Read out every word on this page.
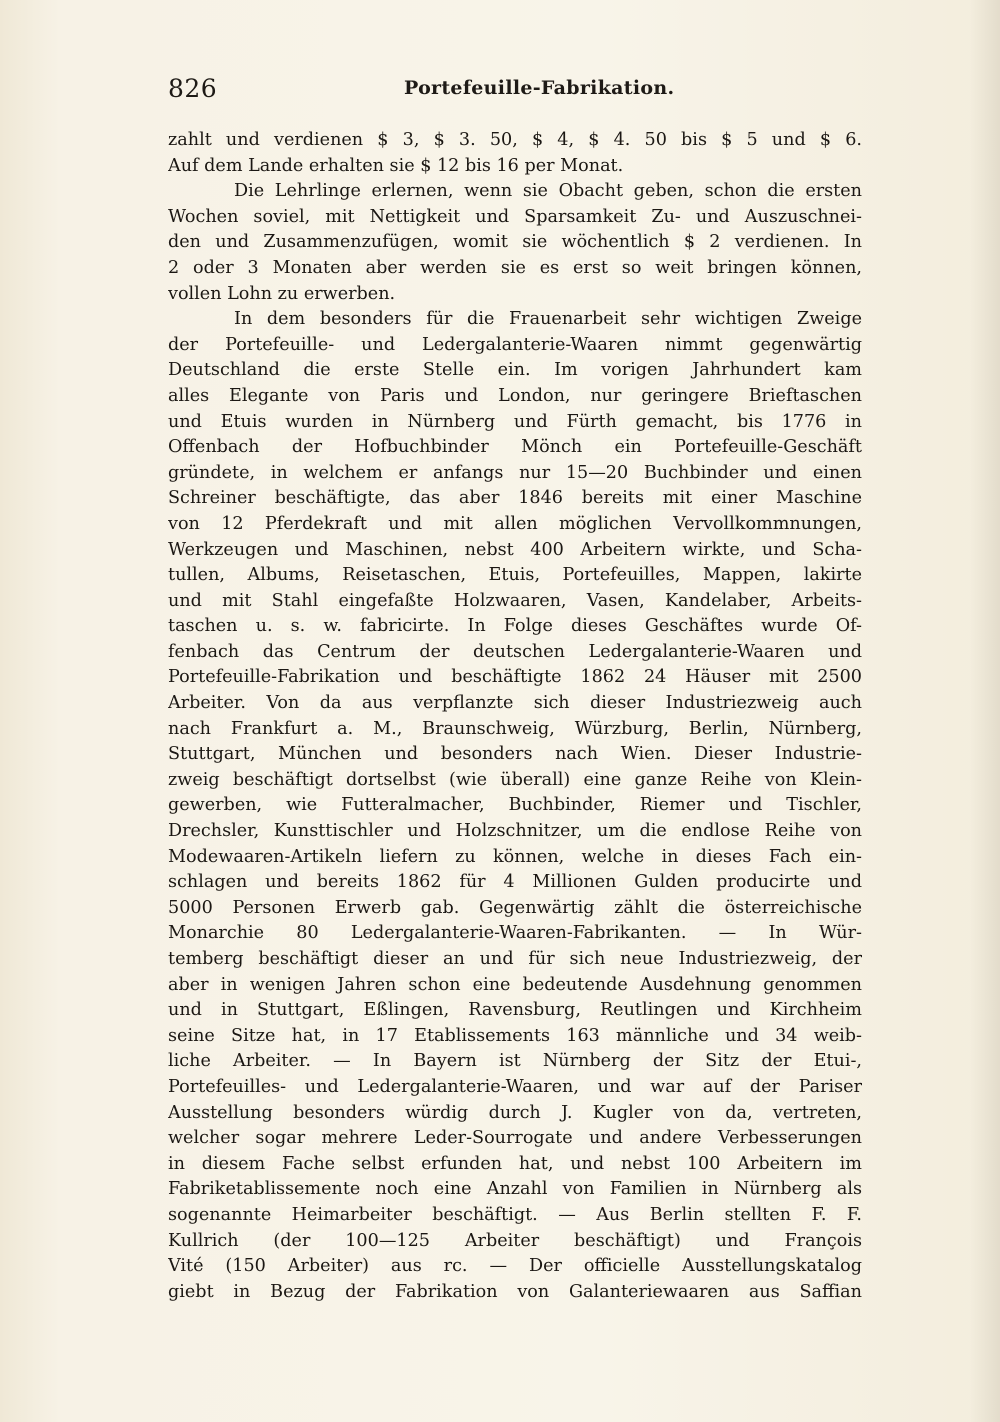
826	Portefeuille-Fabrikation.
zahlt und verdienen $ 3, $ 3. 50, $ 4, $ 4. 50 bis $ 5 und $ 6.
Auf dem Lande erhalten sie $ 12 bis 16 per Monat.
Die Lehrlinge erlernen, wenn sie Obacht geben, schon die ersten
Wochen soviel, mit Nettigkeit und Sparsamkeit Zu- und Auszuschnei-
den und Zusammenzufügen, womit sie wöchentlich $ 2 verdienen. In
2 oder 3 Monaten aber werden sie es erst so weit bringen können,
vollen Lohn zu erwerben.
In dem besonders für die Frauenarbeit sehr wichtigen Zweige
der Portefeuille- und Ledergalanterie-Waaren nimmt gegenwärtig
Deutschland die erste Stelle ein. Im vorigen Jahrhundert kam
alles Elegante von Paris und London, nur geringere Brieftaschen
und Etuis wurden in Nürnberg und Fürth gemacht, bis 1776 in
Offenbach der Hofbuchbinder Mönch ein Portefeuille-Geschäft
gründete, in welchem er anfangs nur 15—20 Buchbinder und einen
Schreiner beschäftigte, das aber 1846 bereits mit einer Maschine
von 12 Pferdekraft und mit allen möglichen Vervollkommnungen,
Werkzeugen und Maschinen, nebst 400 Arbeitern wirkte, und Scha-
tullen, Albums, Reisetaschen, Etuis, Portefeuilles, Mappen, lakirte
und mit Stahl eingefaßte Holzwaaren, Vasen, Kandelaber, Arbeits-
taschen u. s. w. fabricirte. In Folge dieses Geschäftes wurde Of-
fenbach das Centrum der deutschen Ledergalanterie-Waaren und
Portefeuille-Fabrikation und beschäftigte 1862 24 Häuser mit 2500
Arbeiter. Von da aus verpflanzte sich dieser Industriezweig auch
nach Frankfurt a. M., Braunschweig, Würzburg, Berlin, Nürnberg,
Stuttgart, München und besonders nach Wien. Dieser Industrie-
zweig beschäftigt dortselbst (wie überall) eine ganze Reihe von Klein-
gewerben, wie Futteralmacher, Buchbinder, Riemer und Tischler,
Drechsler, Kunsttischler und Holzschnitzer, um die endlose Reihe von
Modewaaren-Artikeln liefern zu können, welche in dieses Fach ein-
schlagen und bereits 1862 für 4 Millionen Gulden producirte und
5000 Personen Erwerb gab. Gegenwärtig zählt die österreichische
Monarchie 80 Ledergalanterie-Waaren-Fabrikanten. — In Wür-
temberg beschäftigt dieser an und für sich neue Industriezweig, der
aber in wenigen Jahren schon eine bedeutende Ausdehnung genommen
und in Stuttgart, Eßlingen, Ravensburg, Reutlingen und Kirchheim
seine Sitze hat, in 17 Etablissements 163 männliche und 34 weib-
liche Arbeiter. — In Bayern ist Nürnberg der Sitz der Etui-,
Portefeuilles- und Ledergalanterie-Waaren, und war auf der Pariser
Ausstellung besonders würdig durch J. Kugler von da, vertreten,
welcher sogar mehrere Leder-Sourrogate und andere Verbesserungen
in diesem Fache selbst erfunden hat, und nebst 100 Arbeitern im
Fabriketablissemente noch eine Anzahl von Familien in Nürnberg als
sogenannte Heimarbeiter beschäftigt. — Aus Berlin stellten F. F.
Kullrich (der 100—125 Arbeiter beschäftigt) und François
Vité (150 Arbeiter) aus rc. — Der officielle Ausstellungskatalog
giebt in Bezug der Fabrikation von Galanteriewaaren aus Saffian
